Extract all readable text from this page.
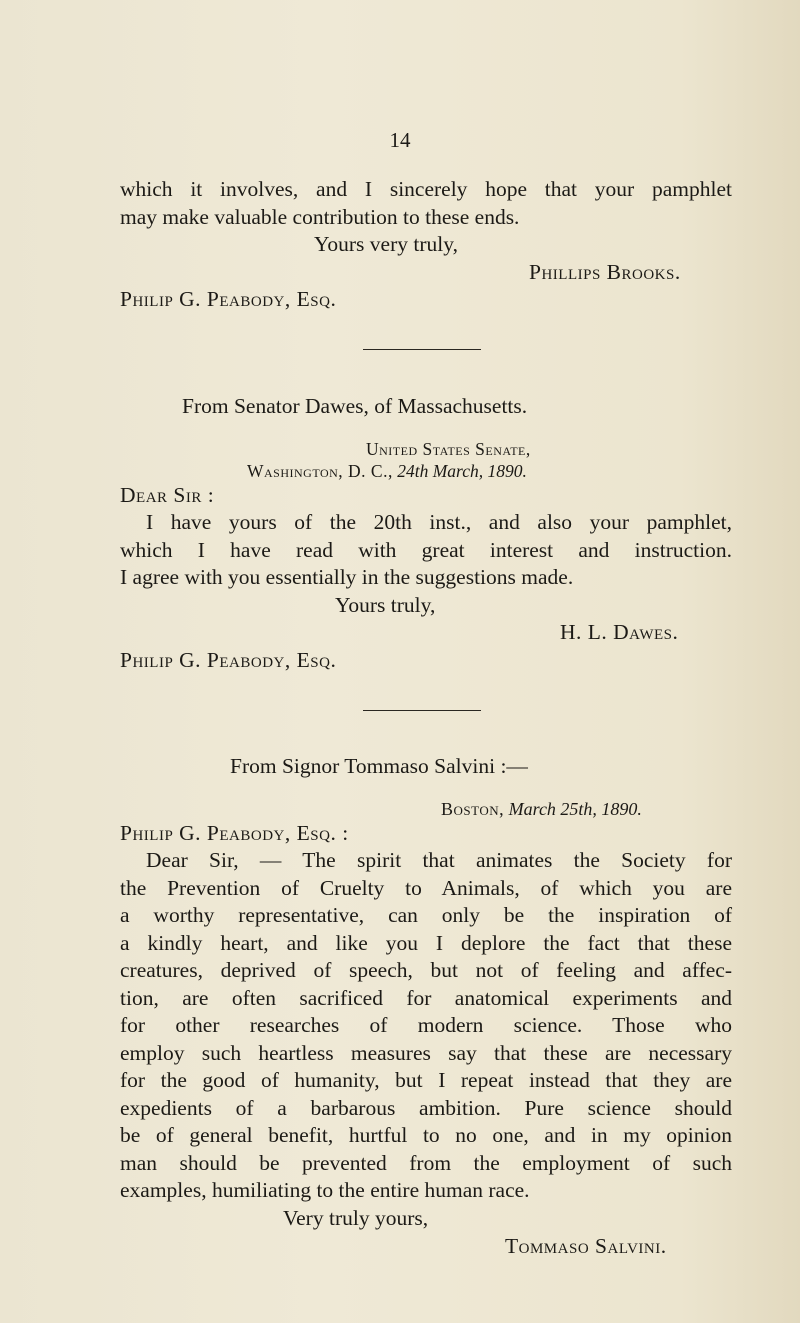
14
which it involves, and I sincerely hope that your pamphlet
may make valuable contribution to these ends.
Yours very truly,
Phillips Brooks.
Philip G. Peabody, Esq.
From Senator Dawes, of Massachusetts.
United States Senate,
Washington, D. C., 24th March, 1890.
Dear Sir :
I have yours of the 20th inst., and also your pamphlet,
which I have read with great interest and instruction.
I agree with you essentially in the suggestions made.
Yours truly,
H. L. Dawes.
Philip G. Peabody, Esq.
From Signor Tommaso Salvini :—
Boston, March 25th, 1890.
Philip G. Peabody, Esq. :
Dear Sir, — The spirit that animates the Society for
the Prevention of Cruelty to Animals, of which you are
a worthy representative, can only be the inspiration of
a kindly heart, and like you I deplore the fact that these
creatures, deprived of speech, but not of feeling and affec-
tion, are often sacrificed for anatomical experiments and
for other researches of modern science. Those who
employ such heartless measures say that these are necessary
for the good of humanity, but I repeat instead that they are
expedients of a barbarous ambition. Pure science should
be of general benefit, hurtful to no one, and in my opinion
man should be prevented from the employment of such
examples, humiliating to the entire human race.
Very truly yours,
Tommaso Salvini.
